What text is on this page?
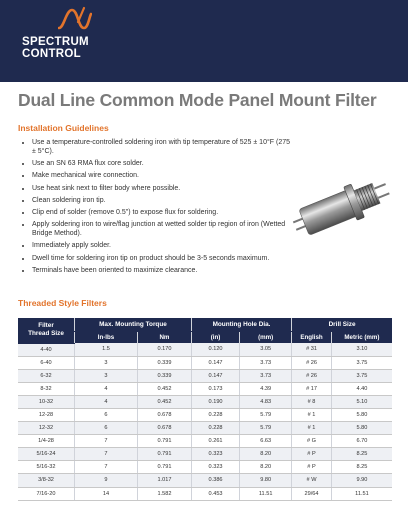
SPECTRUM
CONTROL
Dual Line Common Mode Panel Mount Filter
Installation Guidelines
• Use a temperature-controlled soldering iron with tip temperature of 525 ± 10°F (275 ± 5°C).
• Use an SN 63 RMA flux core solder.
• Make mechanical wire connection.
• Use heat sink next to filter body where possible.
• Clean soldering iron tip.
• Clip end of solder (remove 0.5") to expose flux for soldering.
• Apply soldering iron to wire/flag junction at wetted solder tip region of iron (Wetted Bridge Method).
• Immediately apply solder.
• Dwell time for soldering iron tip on product should be 3-5 seconds maximum.
• Terminals have been oriented to maximize clearance.
Threaded Style Filters
Filter
Thread Size	Max. Mounting Torque		Mounting Hole Dia.		Drill Size	
	In-lbs	Nm	(in)	(mm)	English	Metric (mm)
4-40	1.5	0.170	0.120	3.05	# 31	3.10
6-40	3	0.339	0.147	3.73	# 26	3.75
6-32	3	0.339	0.147	3.73	# 26	3.75
8-32	4	0.452	0.173	4.39	# 17	4.40
10-32	4	0.452	0.190	4.83	# 8	5.10
12-28	6	0.678	0.228	5.79	# 1	5.80
12-32	6	0.678	0.228	5.79	# 1	5.80
1/4-28	7	0.791	0.261	6.63	# G	6.70
5/16-24	7	0.791	0.323	8.20	# P	8.25
5/16-32	7	0.791	0.323	8.20	# P	8.25
3/8-32	9	1.017	0.386	9.80	# W	9.90
7/16-20	14	1.582	0.453	11.51	29/64	11.51
